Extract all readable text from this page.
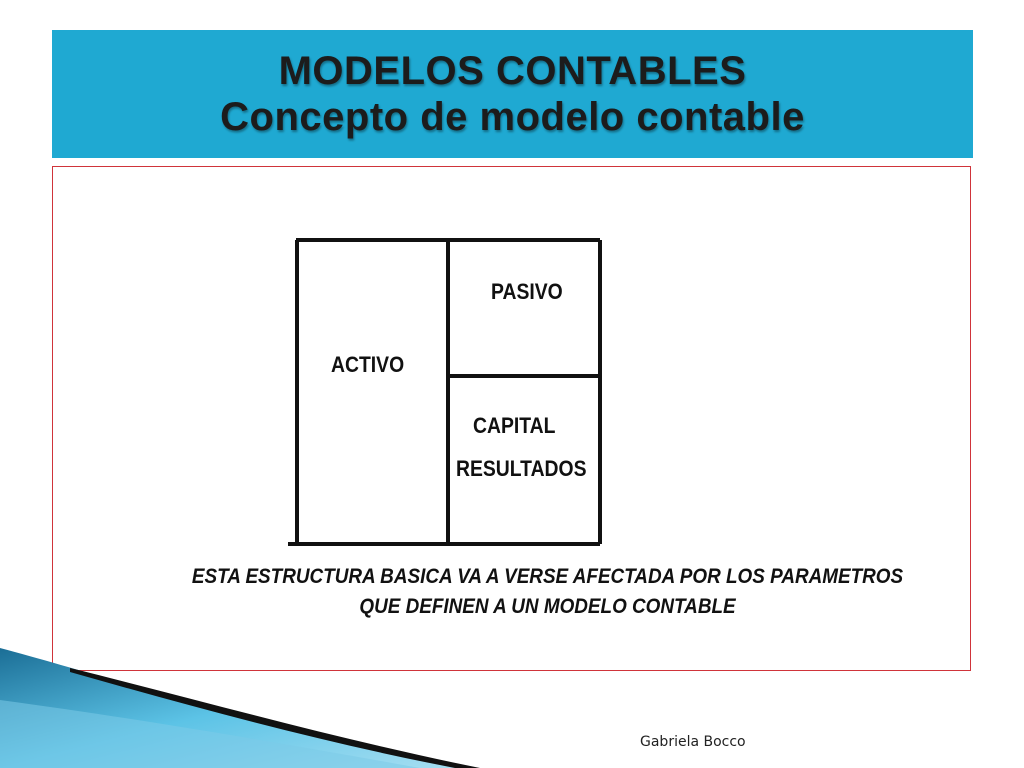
MODELOS CONTABLES
Concepto de modelo contable
PASIVO
ACTIVO
CAPITAL
RESULTADOS
ESTA ESTRUCTURA BASICA VA A VERSE AFECTADA POR LOS PARAMETROS
QUE DEFINEN A UN MODELO CONTABLE
Gabriela Bocco
